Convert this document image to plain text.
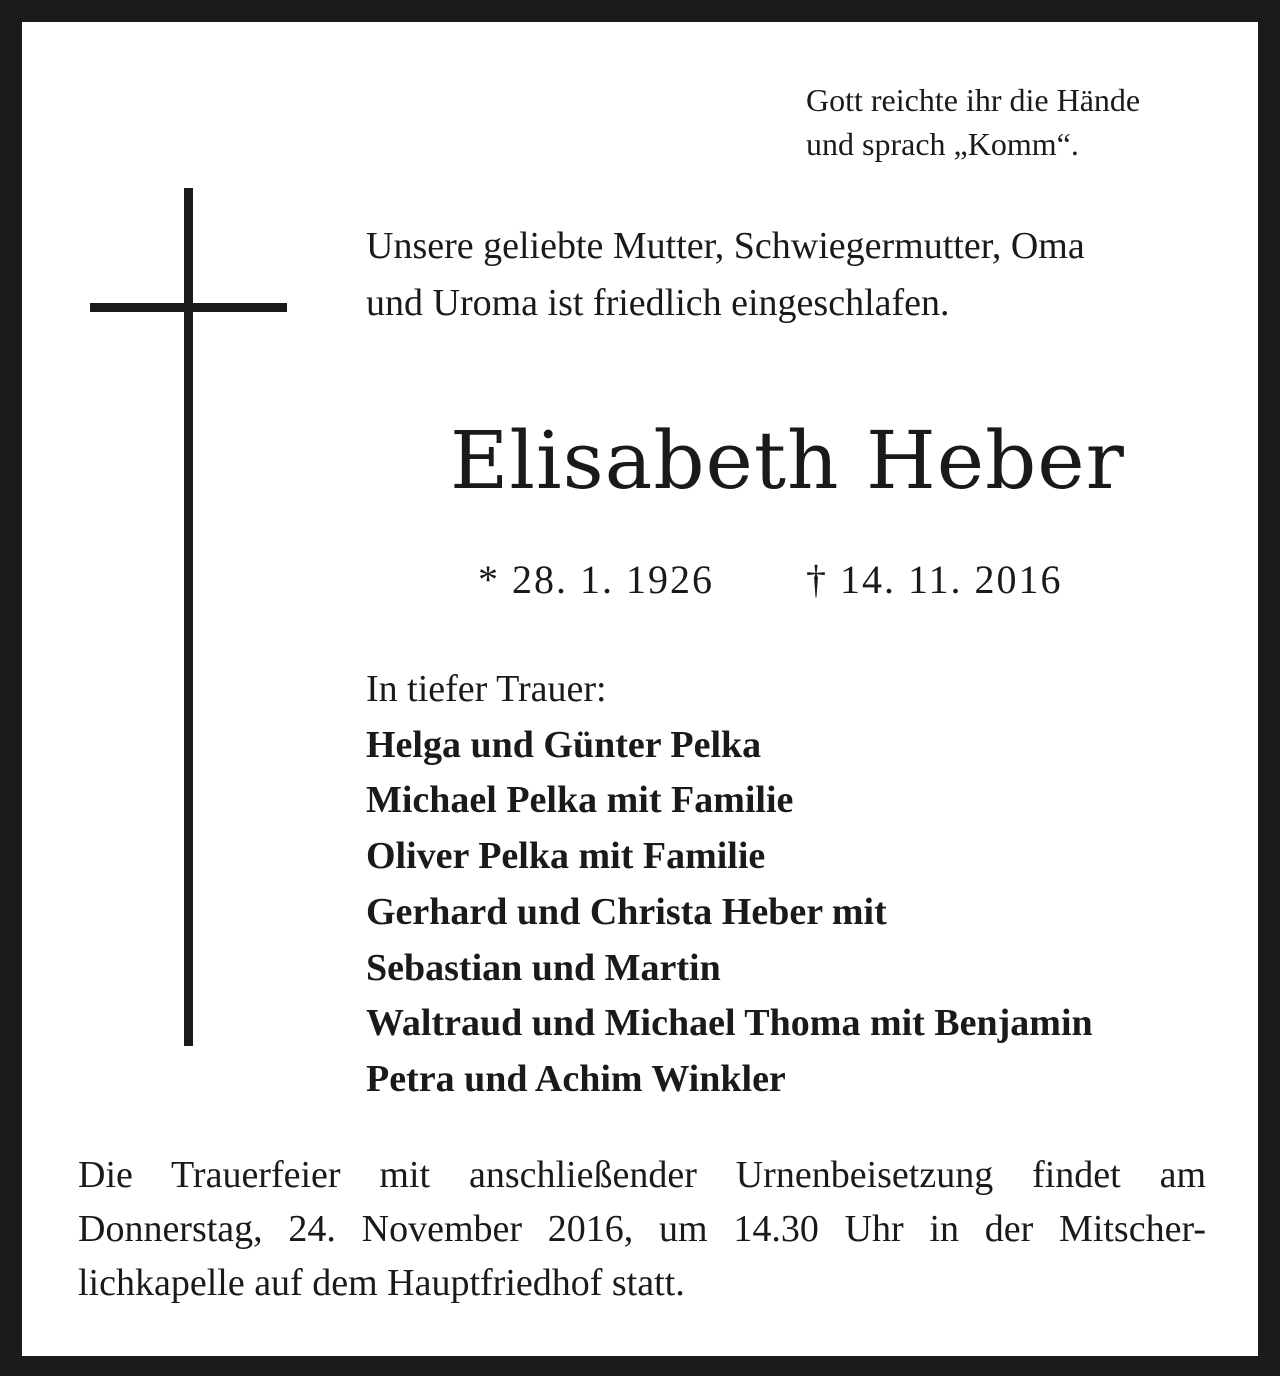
Gott reichte ihr die Hände
und sprach „Komm“.
Unsere geliebte Mutter, Schwiegermutter, Oma
und Uroma ist friedlich eingeschlafen.
Elisabeth Heber
* 28. 1. 1926 † 14. 11. 2016
In tiefer Trauer:
Helga und Günter Pelka
Michael Pelka mit Familie
Oliver Pelka mit Familie
Gerhard und Christa Heber mit
Sebastian und Martin
Waltraud und Michael Thoma mit Benjamin
Petra und Achim Winkler
Die Trauerfeier mit anschließender Urnenbeisetzung findet am
Donnerstag, 24. November 2016, um 14.30 Uhr in der Mitscher-
lichkapelle auf dem Hauptfriedhof statt.
